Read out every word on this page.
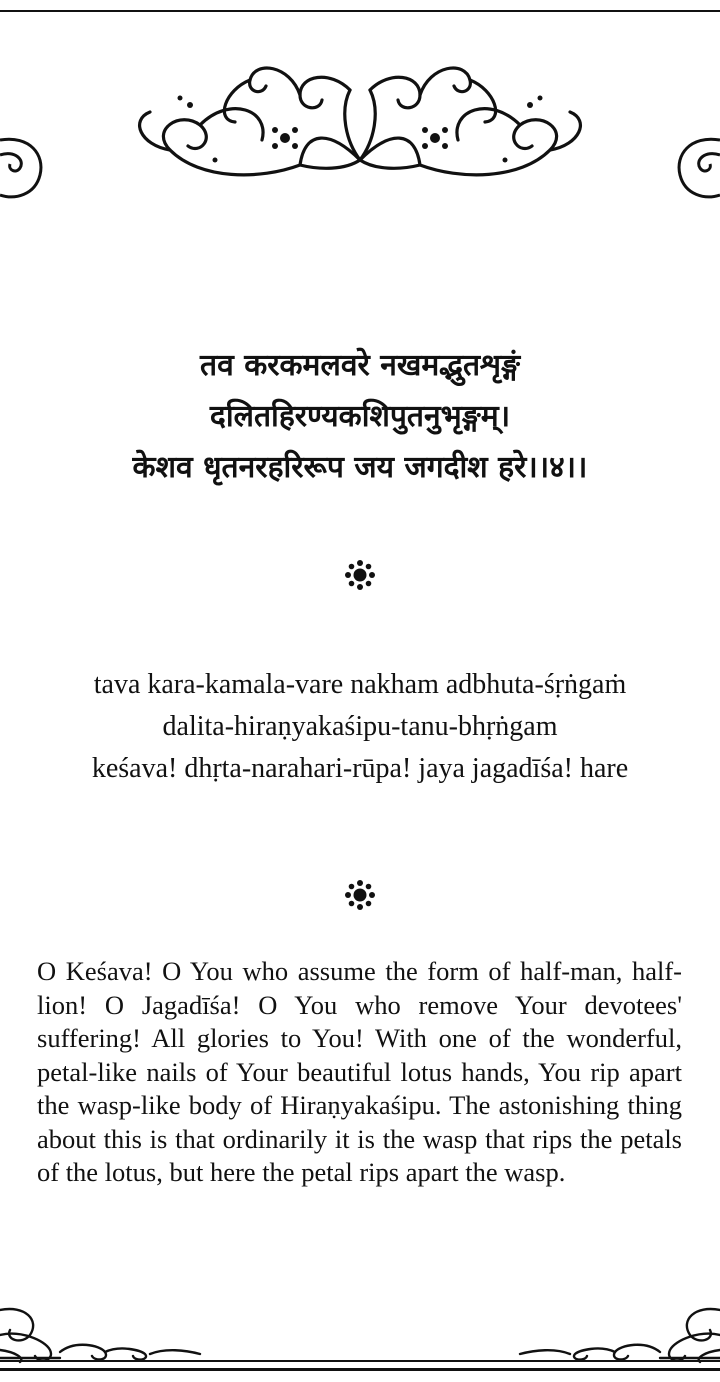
तव करकमलवरे नखमद्भुतशृङ्गं
दलितहिरण्यकशिपुतनुभृङ्गम्।
केशव धृतनरहरिरूप जय जगदीश हरे।।४।।
tava kara-kamala-vare nakham adbhuta-śṛṅgaṁ
dalita-hiraṇyakaśipu-tanu-bhṛṅgam
keśava! dhṛta-narahari-rūpa! jaya jagadīśa! hare

O Keśava! O You who assume the form of half-man, half-lion! O Jagadīśa! O You who remove Your devotees' suffering! All glories to You! With one of the wonderful, petal-like nails of Your beautiful lotus hands, You rip apart the wasp-like body of Hiraṇyakaśipu. The astonishing thing about this is that ordinarily it is the wasp that rips the petals of the lotus, but here the petal rips apart the wasp.
